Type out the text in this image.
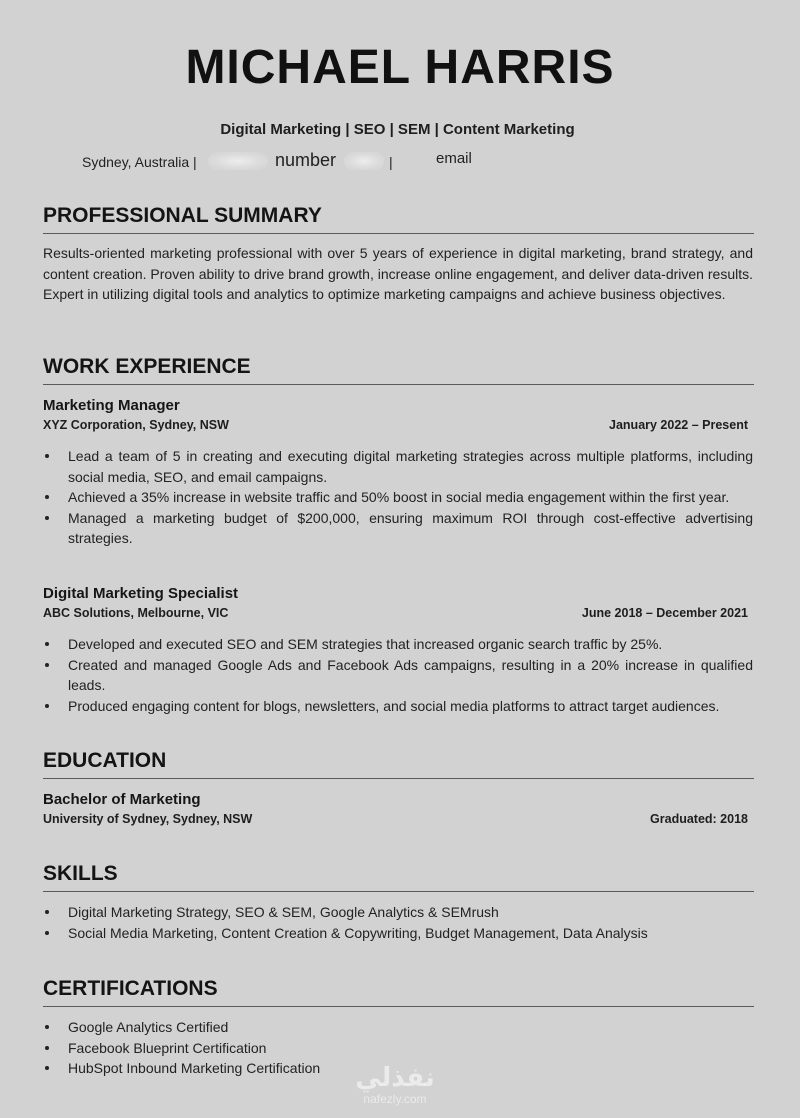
MICHAEL HARRIS
Digital Marketing | SEO | SEM | Content Marketing
Sydney, Australia |	number	|	email
PROFESSIONAL SUMMARY
Results-oriented marketing professional with over 5 years of experience in digital marketing, brand strategy, and content creation. Proven ability to drive brand growth, increase online engagement, and deliver data-driven results. Expert in utilizing digital tools and analytics to optimize marketing campaigns and achieve business objectives.
WORK EXPERIENCE
Marketing Manager
XYZ Corporation, Sydney, NSW	January 2022 – Present
Lead a team of 5 in creating and executing digital marketing strategies across multiple platforms, including social media, SEO, and email campaigns.
Achieved a 35% increase in website traffic and 50% boost in social media engagement within the first year.
Managed a marketing budget of $200,000, ensuring maximum ROI through cost-effective advertising strategies.
Digital Marketing Specialist
ABC Solutions, Melbourne, VIC	June 2018 – December 2021
Developed and executed SEO and SEM strategies that increased organic search traffic by 25%.
Created and managed Google Ads and Facebook Ads campaigns, resulting in a 20% increase in qualified leads.
Produced engaging content for blogs, newsletters, and social media platforms to attract target audiences.
EDUCATION
Bachelor of Marketing
University of Sydney, Sydney, NSW	Graduated: 2018
SKILLS
Digital Marketing Strategy, SEO & SEM, Google Analytics & SEMrush
Social Media Marketing, Content Creation & Copywriting, Budget Management, Data Analysis
CERTIFICATIONS
Google Analytics Certified
Facebook Blueprint Certification
HubSpot Inbound Marketing Certification	نفذلي
nafezly.com
